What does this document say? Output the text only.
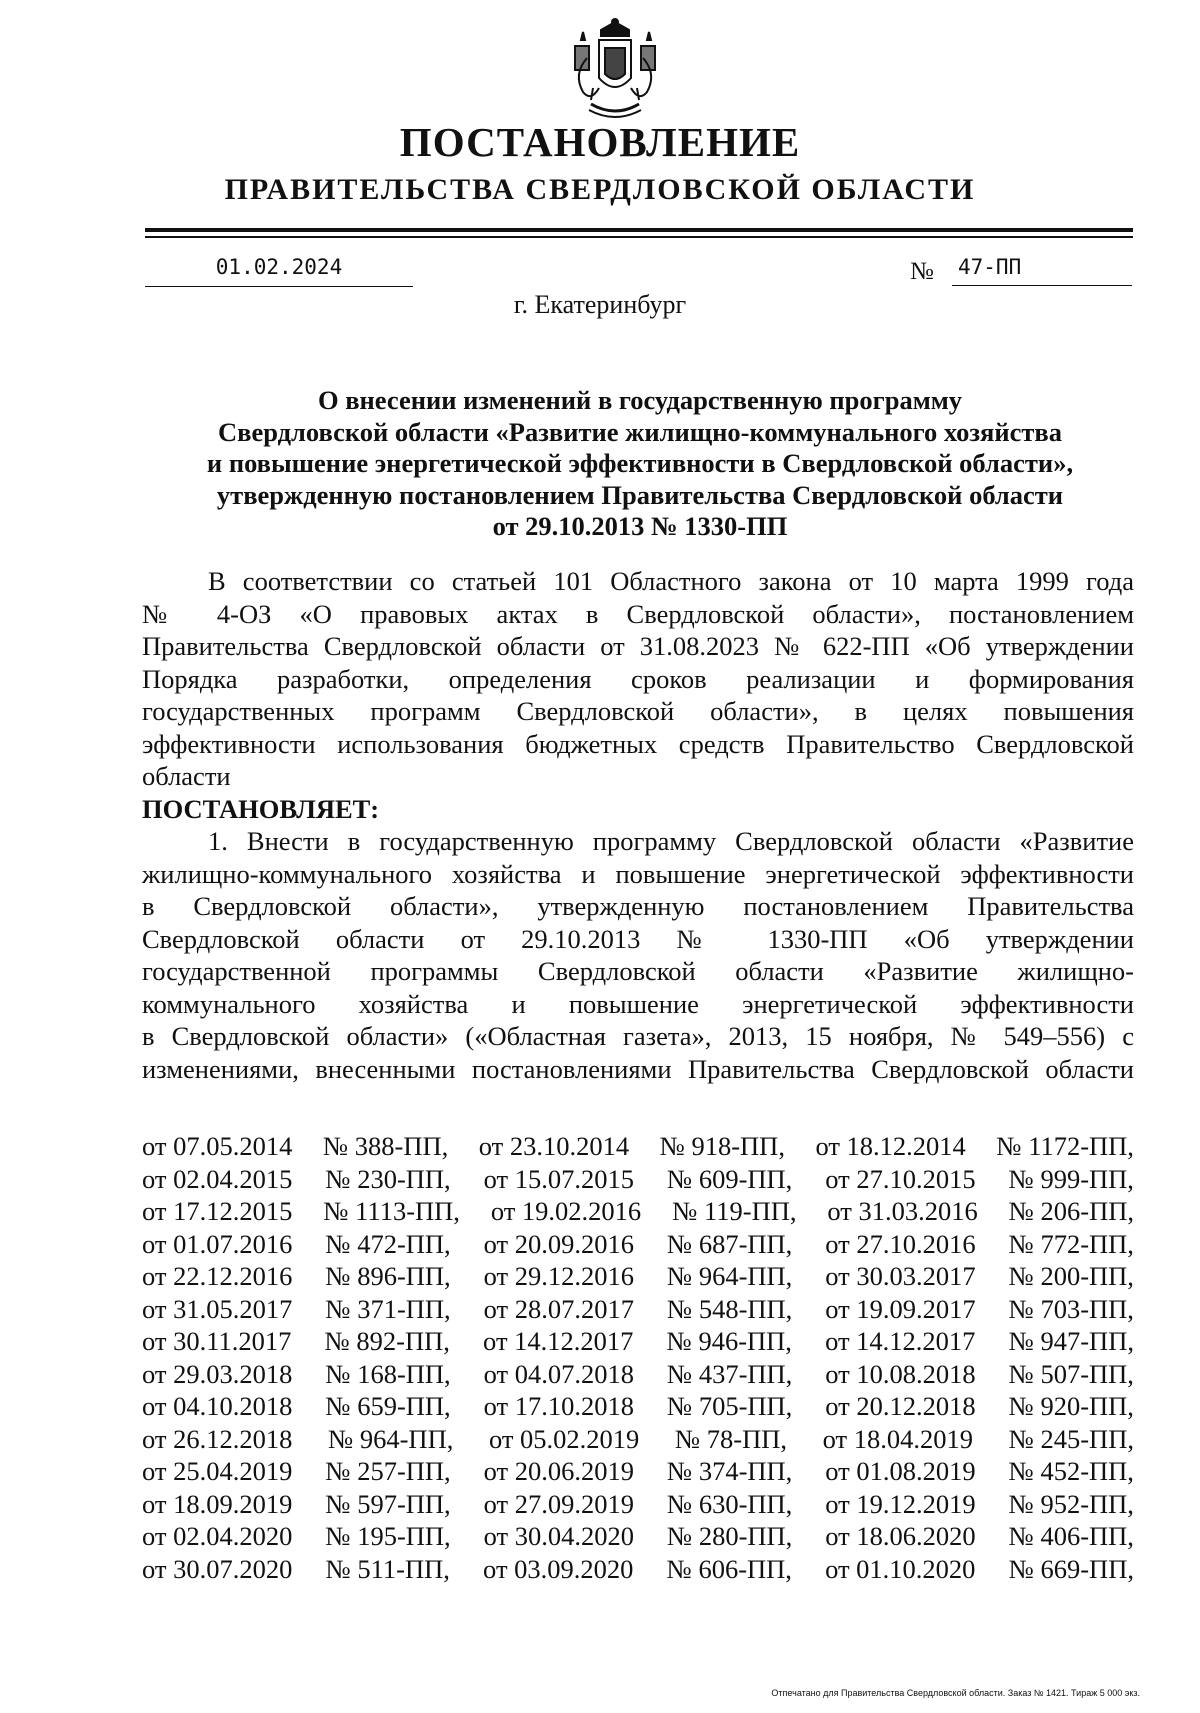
ПОСТАНОВЛЕНИЕ
ПРАВИТЕЛЬСТВА СВЕРДЛОВСКОЙ ОБЛАСТИ
01.02.2024	№ 47-ПП
г. Екатеринбург
О внесении изменений в государственную программу
Свердловской области «Развитие жилищно-коммунального хозяйства
и повышение энергетической эффективности в Свердловской области»,
утвержденную постановлением Правительства Свердловской области
от 29.10.2013 № 1330-ПП
В соответствии со статьей 101 Областного закона от 10 марта 1999 года
№ 4-ОЗ «О правовых актах в Свердловской области», постановлением
Правительства Свердловской области от 31.08.2023 № 622-ПП «Об утверждении
Порядка разработки, определения сроков реализации и формирования
государственных программ Свердловской области», в целях повышения
эффективности использования бюджетных средств Правительство Свердловской
области
ПОСТАНОВЛЯЕТ:
1. Внести в государственную программу Свердловской области «Развитие
жилищно-коммунального хозяйства и повышение энергетической эффективности
в Свердловской области», утвержденную постановлением Правительства
Свердловской области от 29.10.2013 № 1330-ПП «Об утверждении
государственной программы Свердловской области «Развитие жилищно-
коммунального хозяйства и повышение энергетической эффективности
в Свердловской области» («Областная газета», 2013, 15 ноября, № 549–556) с
изменениями, внесенными постановлениями Правительства Свердловской области
от 07.05.2014 № 388-ПП, от 23.10.2014 № 918-ПП, от 18.12.2014 № 1172-ПП,
от 02.04.2015 № 230-ПП, от 15.07.2015 № 609-ПП, от 27.10.2015 № 999-ПП,
от 17.12.2015 № 1113-ПП, от 19.02.2016 № 119-ПП, от 31.03.2016 № 206-ПП,
от 01.07.2016 № 472-ПП, от 20.09.2016 № 687-ПП, от 27.10.2016 № 772-ПП,
от 22.12.2016 № 896-ПП, от 29.12.2016 № 964-ПП, от 30.03.2017 № 200-ПП,
от 31.05.2017 № 371-ПП, от 28.07.2017 № 548-ПП, от 19.09.2017 № 703-ПП,
от 30.11.2017 № 892-ПП, от 14.12.2017 № 946-ПП, от 14.12.2017 № 947-ПП,
от 29.03.2018 № 168-ПП, от 04.07.2018 № 437-ПП, от 10.08.2018 № 507-ПП,
от 04.10.2018 № 659-ПП, от 17.10.2018 № 705-ПП, от 20.12.2018 № 920-ПП,
от 26.12.2018 № 964-ПП, от 05.02.2019 № 78-ПП, от 18.04.2019 № 245-ПП,
от 25.04.2019 № 257-ПП, от 20.06.2019 № 374-ПП, от 01.08.2019 № 452-ПП,
от 18.09.2019 № 597-ПП, от 27.09.2019 № 630-ПП, от 19.12.2019 № 952-ПП,
от 02.04.2020 № 195-ПП, от 30.04.2020 № 280-ПП, от 18.06.2020 № 406-ПП,
от 30.07.2020 № 511-ПП, от 03.09.2020 № 606-ПП, от 01.10.2020 № 669-ПП,
Отпечатано для Правительства Свердловской области. Заказ № 1421. Тираж 5 000 экз.
